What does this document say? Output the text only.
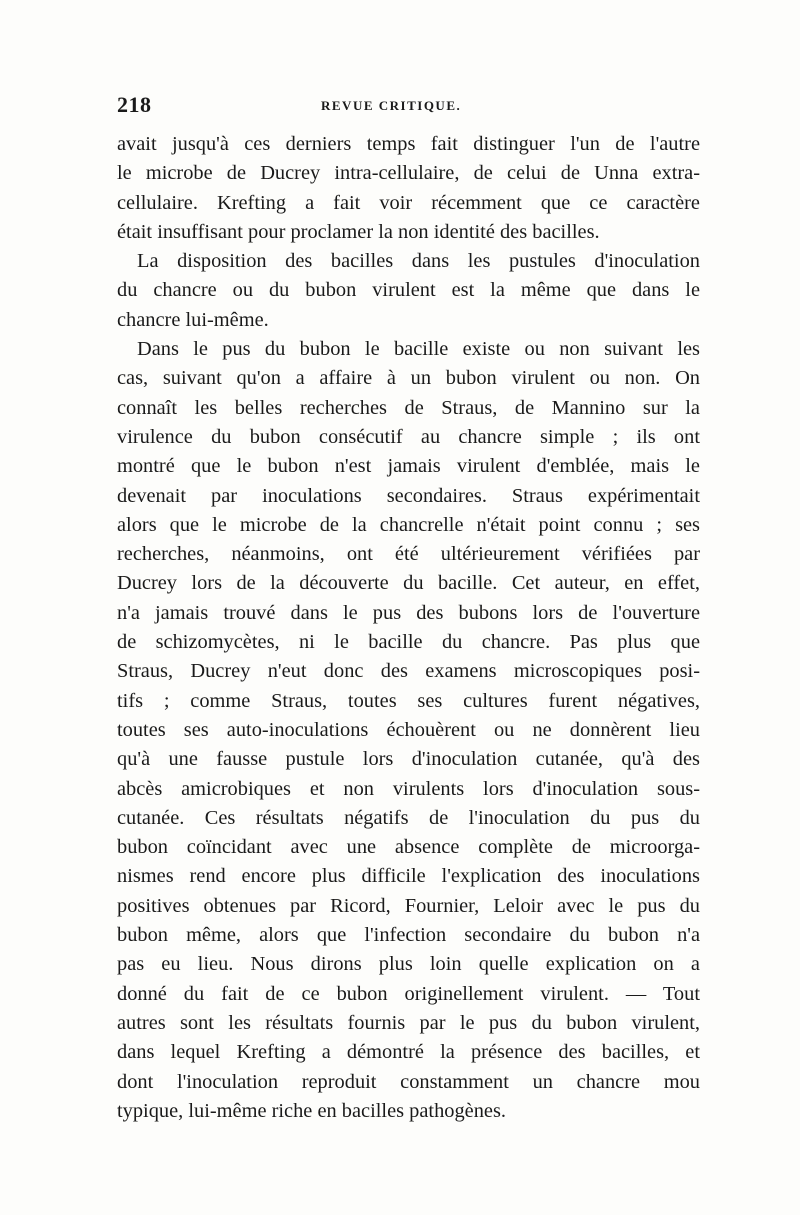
218	REVUE CRITIQUE.
avait jusqu'à ces derniers temps fait distinguer l'un de l'autre
le microbe de Ducrey intra-cellulaire, de celui de Unna extra-
cellulaire. Krefting a fait voir récemment que ce caractère
était insuffisant pour proclamer la non identité des bacilles.
La disposition des bacilles dans les pustules d'inoculation
du chancre ou du bubon virulent est la même que dans le
chancre lui-même.
Dans le pus du bubon le bacille existe ou non suivant les
cas, suivant qu'on a affaire à un bubon virulent ou non. On
connaît les belles recherches de Straus, de Mannino sur la
virulence du bubon consécutif au chancre simple ; ils ont
montré que le bubon n'est jamais virulent d'emblée, mais le
devenait par inoculations secondaires. Straus expérimentait
alors que le microbe de la chancrelle n'était point connu ; ses
recherches, néanmoins, ont été ultérieurement vérifiées par
Ducrey lors de la découverte du bacille. Cet auteur, en effet,
n'a jamais trouvé dans le pus des bubons lors de l'ouverture
de schizomycètes, ni le bacille du chancre. Pas plus que
Straus, Ducrey n'eut donc des examens microscopiques posi-
tifs ; comme Straus, toutes ses cultures furent négatives,
toutes ses auto-inoculations échouèrent ou ne donnèrent lieu
qu'à une fausse pustule lors d'inoculation cutanée, qu'à des
abcès amicrobiques et non virulents lors d'inoculation sous-
cutanée. Ces résultats négatifs de l'inoculation du pus du
bubon coïncidant avec une absence complète de microorga-
nismes rend encore plus difficile l'explication des inoculations
positives obtenues par Ricord, Fournier, Leloir avec le pus du
bubon même, alors que l'infection secondaire du bubon n'a
pas eu lieu. Nous dirons plus loin quelle explication on a
donné du fait de ce bubon originellement virulent. — Tout
autres sont les résultats fournis par le pus du bubon virulent,
dans lequel Krefting a démontré la présence des bacilles, et
dont l'inoculation reproduit constamment un chancre mou
typique, lui-même riche en bacilles pathogènes.
